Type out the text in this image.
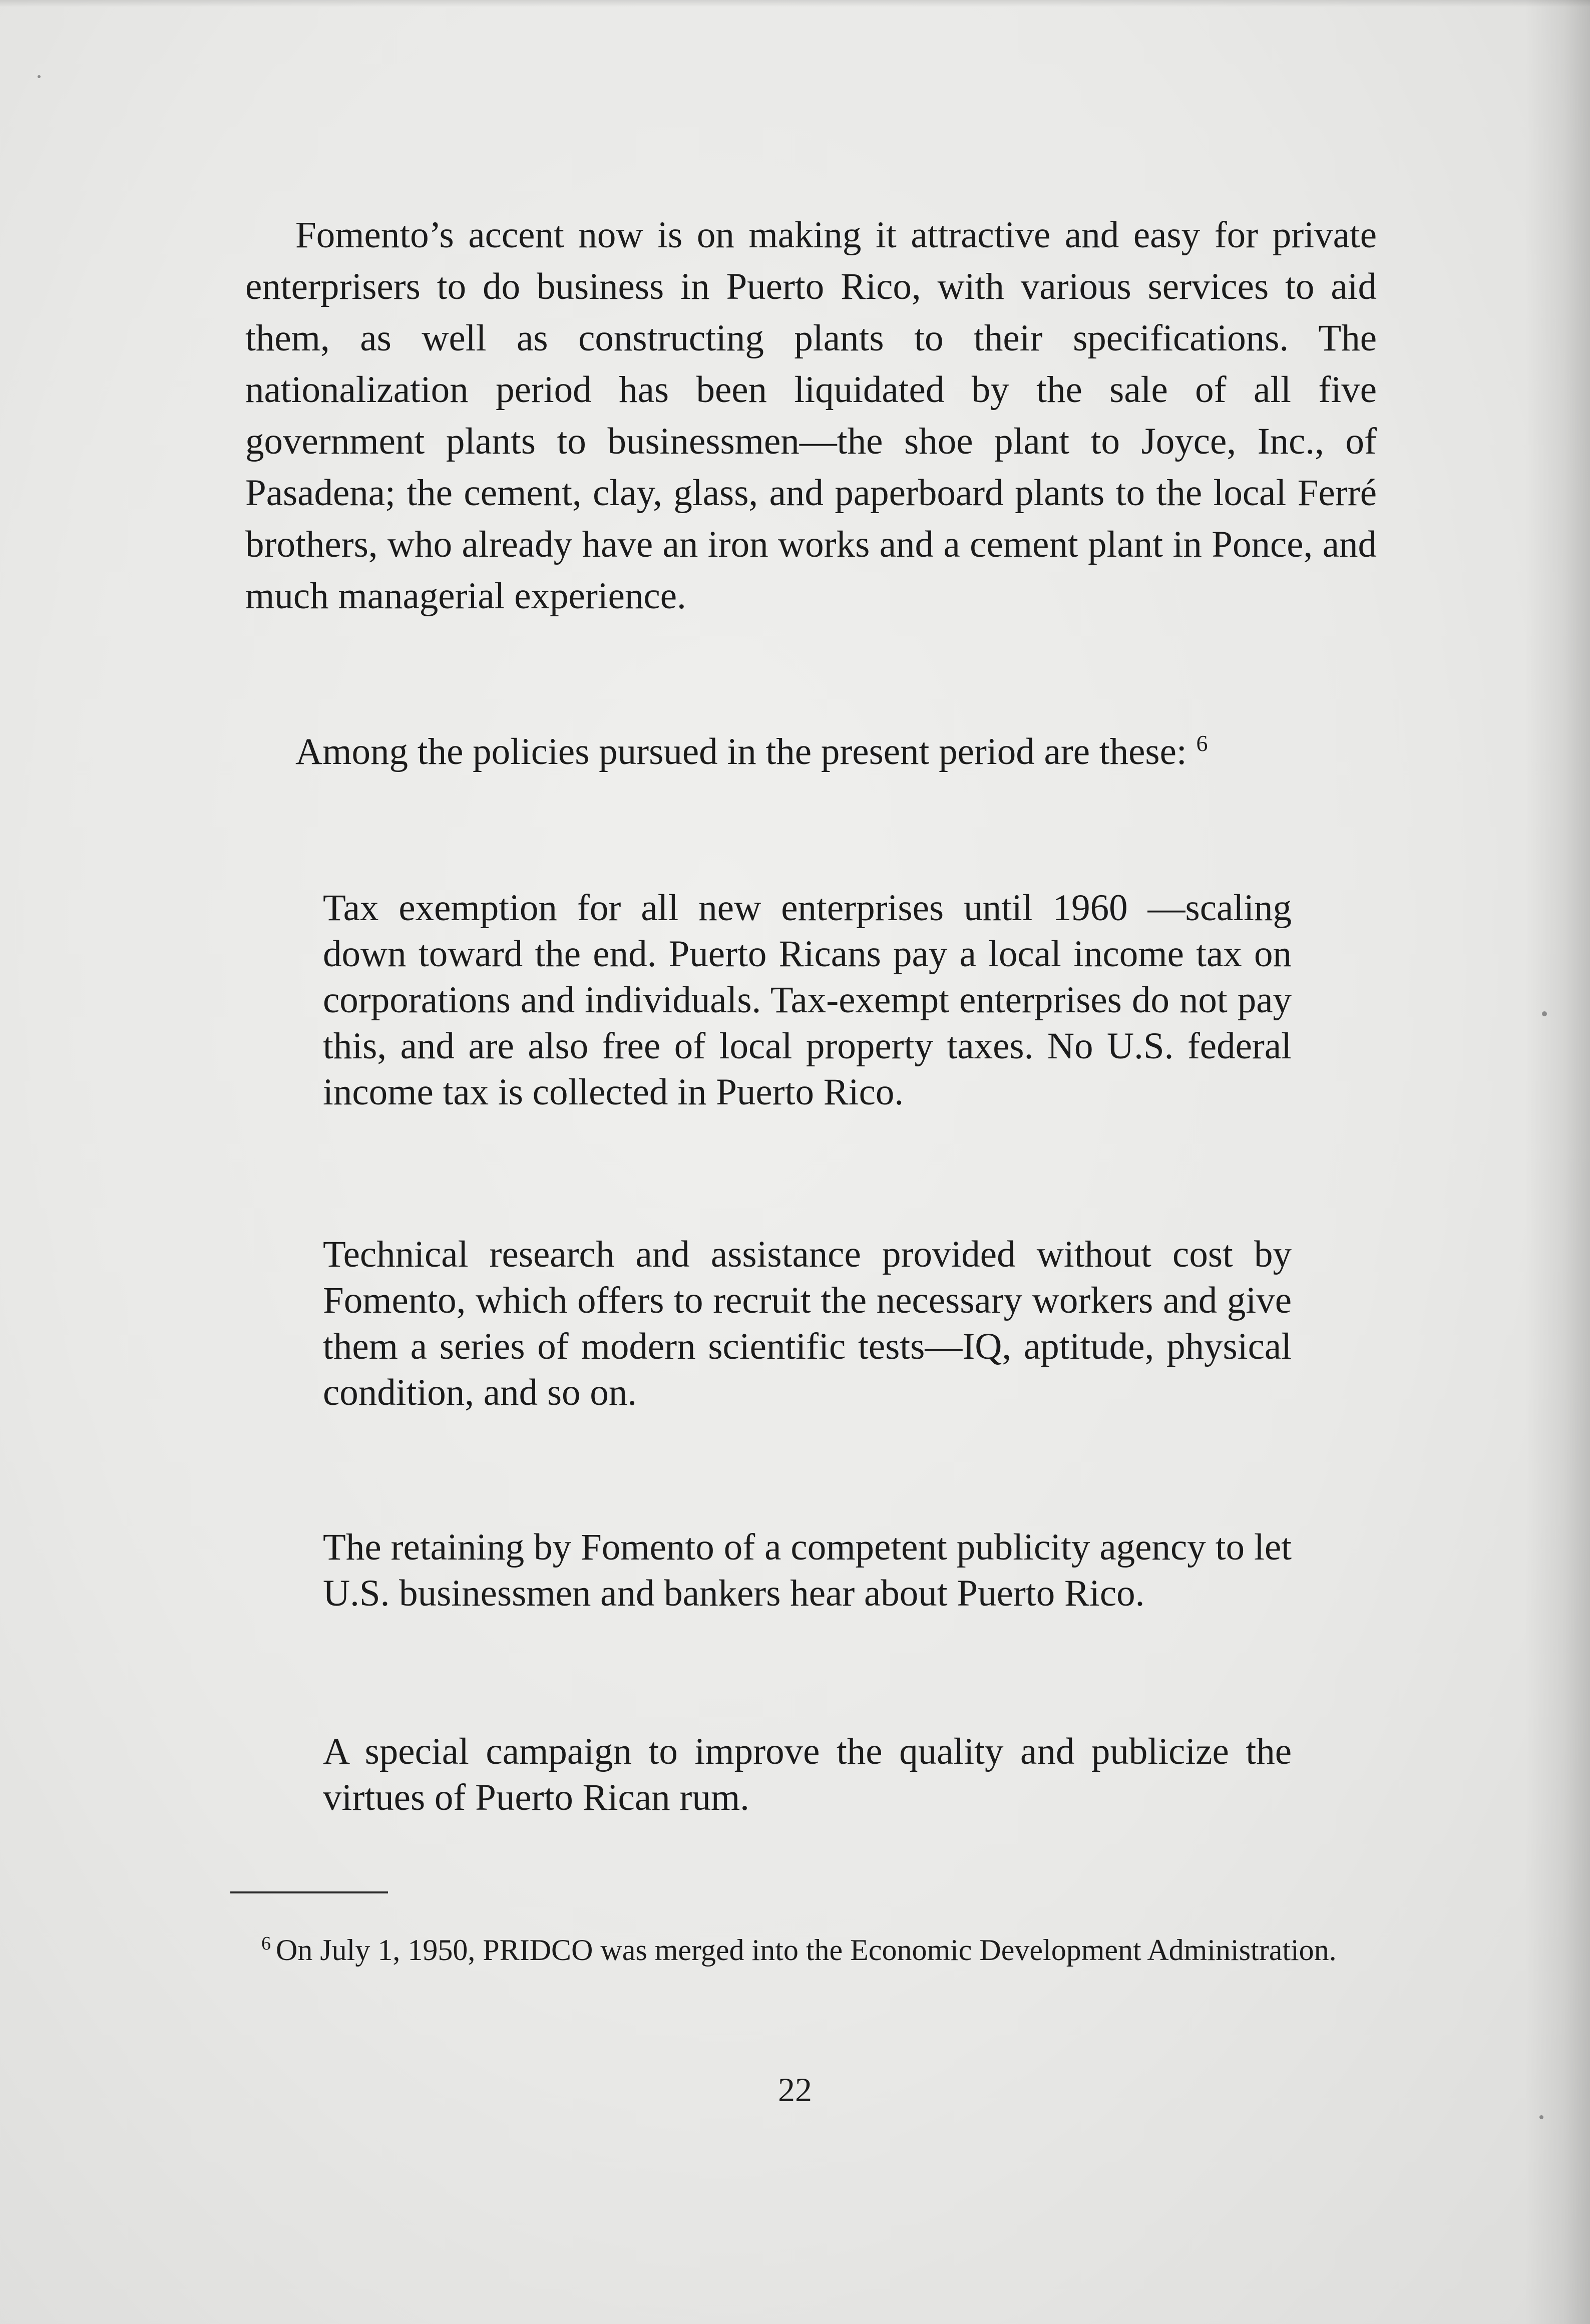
Fomento’s accent now is on making it attractive and easy for private enterprisers to do business in Puerto Rico, with various services to aid them, as well as constructing plants to their specifications. The nationalization period has been liquidated by the sale of all five government plants to businessmen—the shoe plant to Joyce, Inc., of Pasadena; the cement, clay, glass, and paperboard plants to the local Ferré brothers, who already have an iron works and a cement plant in Ponce, and much managerial experience.

Among the policies pursued in the present period are these: $^6$

Tax exemption for all new enterprises until 1960 —scaling down toward the end. Puerto Ricans pay a local income tax on corporations and individuals. Tax-exempt enterprises do not pay this, and are also free of local property taxes. No U.S. federal income tax is collected in Puerto Rico.

Technical research and assistance provided without cost by Fomento, which offers to recruit the necessary workers and give them a series of modern scientific tests—IQ, aptitude, physical condition, and so on.

The retaining by Fomento of a competent publicity agency to let U.S. businessmen and bankers hear about Puerto Rico.

A special campaign to improve the quality and publicize the virtues of Puerto Rican rum.

$^6$ On July 1, 1950, PRIDCO was merged into the Economic Development Administration.

22
